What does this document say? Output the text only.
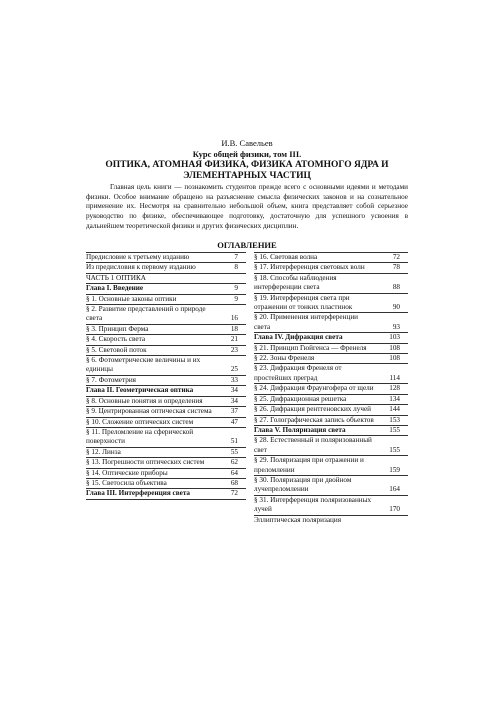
И.В. Савельев
Курс общей физики, том III.
ОПТИКА, АТОМНАЯ ФИЗИКА, ФИЗИКА АТОМНОГО ЯДРА И ЭЛЕМЕНТАРНЫХ ЧАСТИЦ
Главная цель книги — познакомить студентов прежде всего с основными идеями и методами физики. Особое внимание обращено на разъяснение смысла физических законов и на сознательное применение их. Несмотря на сравнительно небольшой объем, книга представляет собой серьезное руководство по физике, обеспечивающее подготовку, достаточную для успешного усвоения в дальнейшем теоретической физики и других физических дисциплин.
ОГЛАВЛЕНИЕ
Предисловие к третьему изданию	7
Из предисловия к первому изданию	8
ЧАСТЬ 1 ОПТИКА
Глава I. Введение	9
§ 1. Основные законы оптики	9
§ 2. Развитие представлений о природе света	16
§ 3. Принцип Ферма	18
§ 4. Скорость света	21
§ 5. Световой поток	23
§ 6. Фотометрические величины и их единицы	25
§ 7. Фотометрия	33
Глава II. Геометрическая оптика	34
§ 8. Основные понятия и определения	34
§ 9. Центрированная оптическая система	37
§ 10. Сложение оптических систем	47
§ 11. Преломление на сферической поверхности	51
§ 12. Линза	55
§ 13. Погрешности оптических систем	62
§ 14. Оптические приборы	64
§ 15. Светосила объектива	68
Глава III. Интерференция света	72
§ 16. Световая волна	72
§ 17. Интерференция световых волн	78
§ 18. Способы наблюдения интерференции света	88
§ 19. Интерференция света при отражении от тонких пластинок	90
§ 20. Применения интерференции света	93
Глава IV. Дифракция света	103
§ 21. Принцип Гюйгенса — Френеля	108
§ 22. Зоны Френеля	108
§ 23. Дифракция Френеля от простейших преград	114
§ 24. Дифракция Фраунгофера от щели	128
§ 25. Дифракционная решетка	134
§ 26. Дифракция рентгеновских лучей	144
§ 27. Голографическая запись объектов	153
Глава V. Поляризация света	155
§ 28. Естественный и поляризованный свет	155
§ 29. Поляризация при отражении и преломлении	159
§ 30. Поляризация при двойном лучепреломлении	164
§ 31. Интерференция поляризованных лучей	170
Эллиптическая поляризация
